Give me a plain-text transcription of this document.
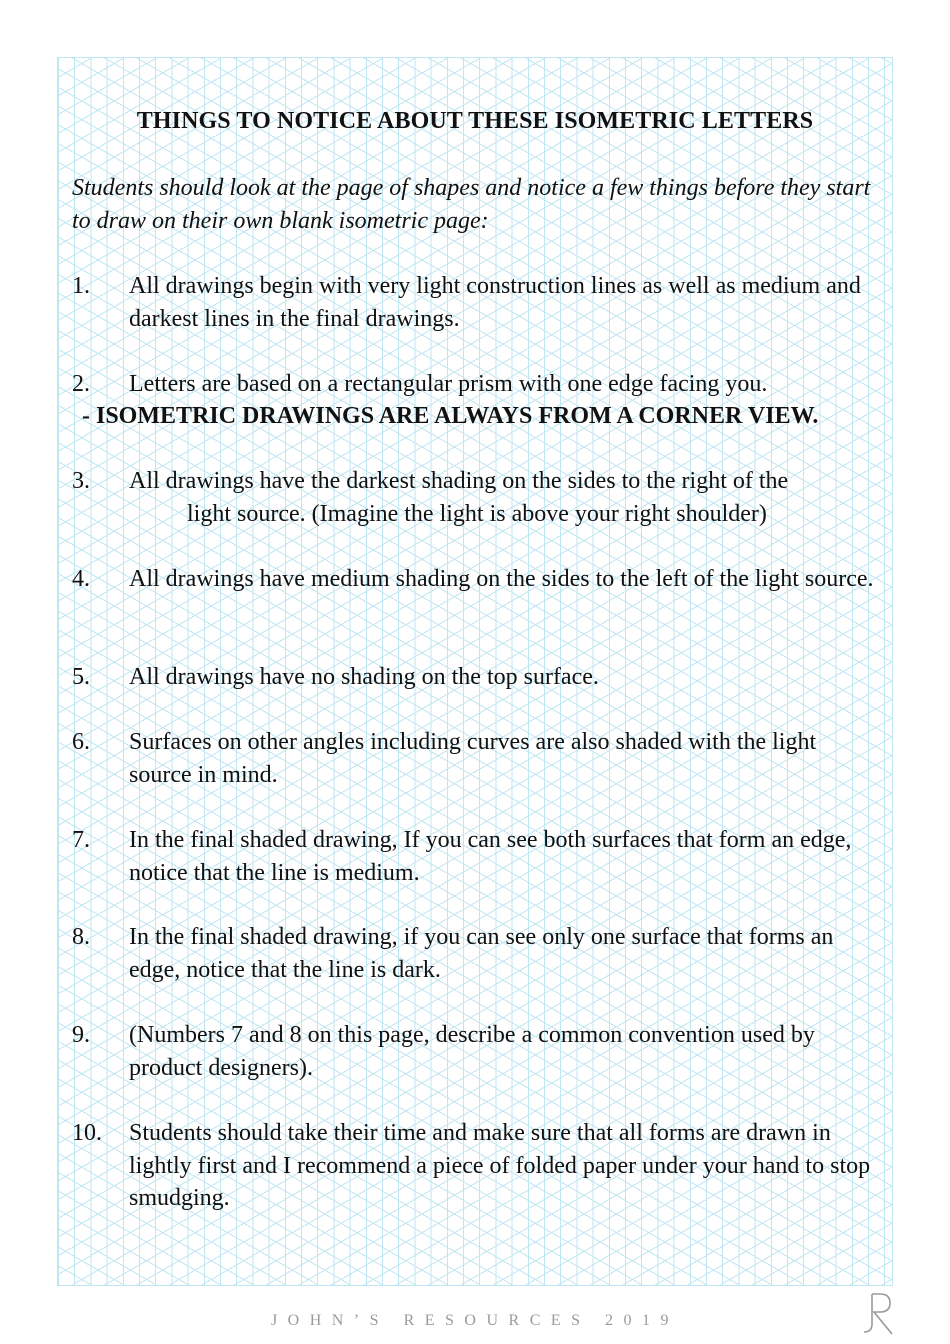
THINGS TO NOTICE ABOUT THESE ISOMETRIC LETTERS
Students should look at the page of shapes and notice a few things before they start to draw on their own blank isometric page:
1. All drawings begin with very light construction lines as well as medium and darkest lines in the final drawings.
2. Letters are based on a rectangular prism with one edge facing you.
- ISOMETRIC DRAWINGS ARE ALWAYS FROM A CORNER VIEW.
3. All drawings have the darkest shading on the sides to the right of the
light source. (Imagine the light is above your right shoulder)
4. All drawings have medium shading on the sides to the left of the light source.
5. All drawings have no shading on the top surface.
6. Surfaces on other angles including curves are also shaded with the light source in mind.
7. In the final shaded drawing, If you can see both surfaces that form an edge, notice that the line is medium.
8. In the final shaded drawing, if you can see only one surface that forms an edge, notice that the line is dark.
9. (Numbers 7 and 8 on this page, describe a common convention used by product designers).
10. Students should take their time and make sure that all forms are drawn in lightly first and I recommend a piece of folded paper under your hand to stop smudging.
JOHN’S RESOURCES 2019
